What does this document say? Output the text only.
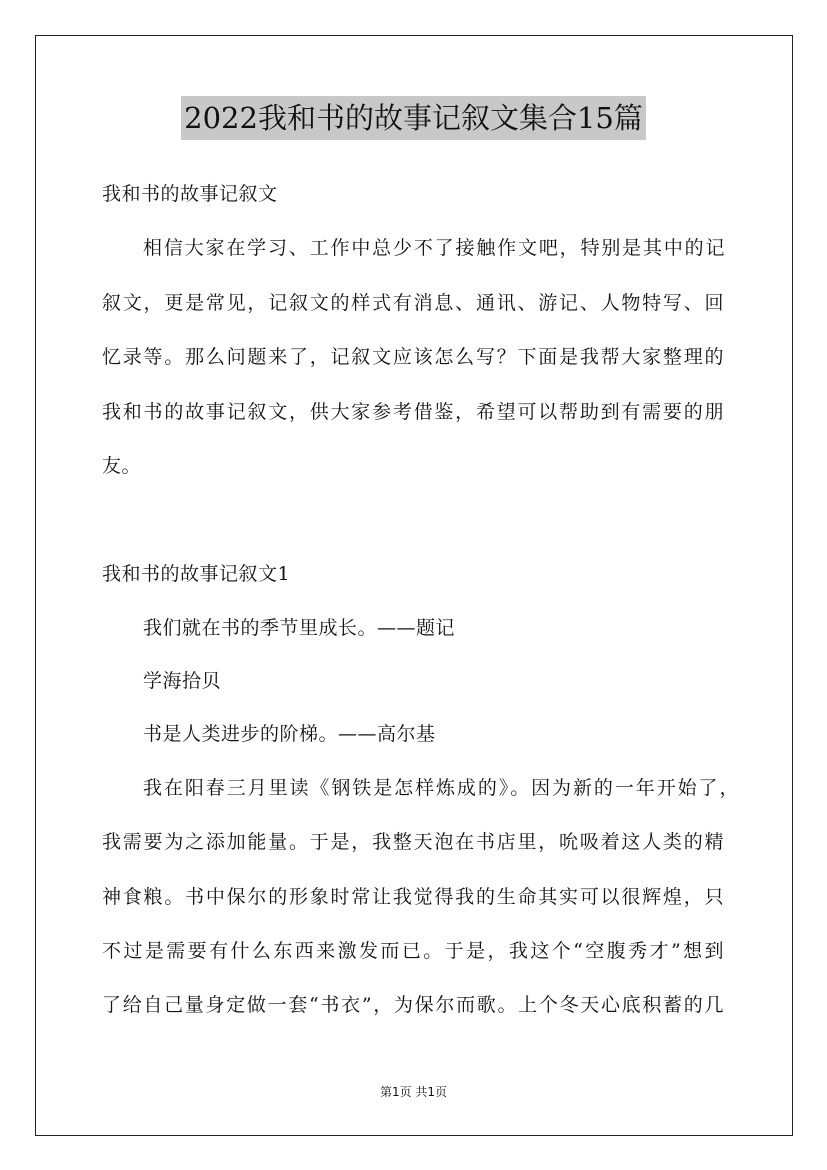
2022我和书的故事记叙文集合15篇
我和书的故事记叙文
相信大家在学习、工作中总少不了接触作文吧，特别是其中的记
叙文，更是常见，记叙文的样式有消息、通讯、游记、人物特写、回
忆录等。那么问题来了，记叙文应该怎么写？下面是我帮大家整理的
我和书的故事记叙文，供大家参考借鉴，希望可以帮助到有需要的朋
友。
我和书的故事记叙文1
我们就在书的季节里成长。——题记
学海拾贝
书是人类进步的阶梯。——高尔基
我在阳春三月里读《钢铁是怎样炼成的》。因为新的一年开始了，
我需要为之添加能量。于是，我整天泡在书店里，吮吸着这人类的精
神食粮。书中保尔的形象时常让我觉得我的生命其实可以很辉煌，只
不过是需要有什么东西来激发而已。于是，我这个“空腹秀才”想到
了给自己量身定做一套“书衣”，为保尔而歌。上个冬天心底积蓄的几
第1页 共1页
